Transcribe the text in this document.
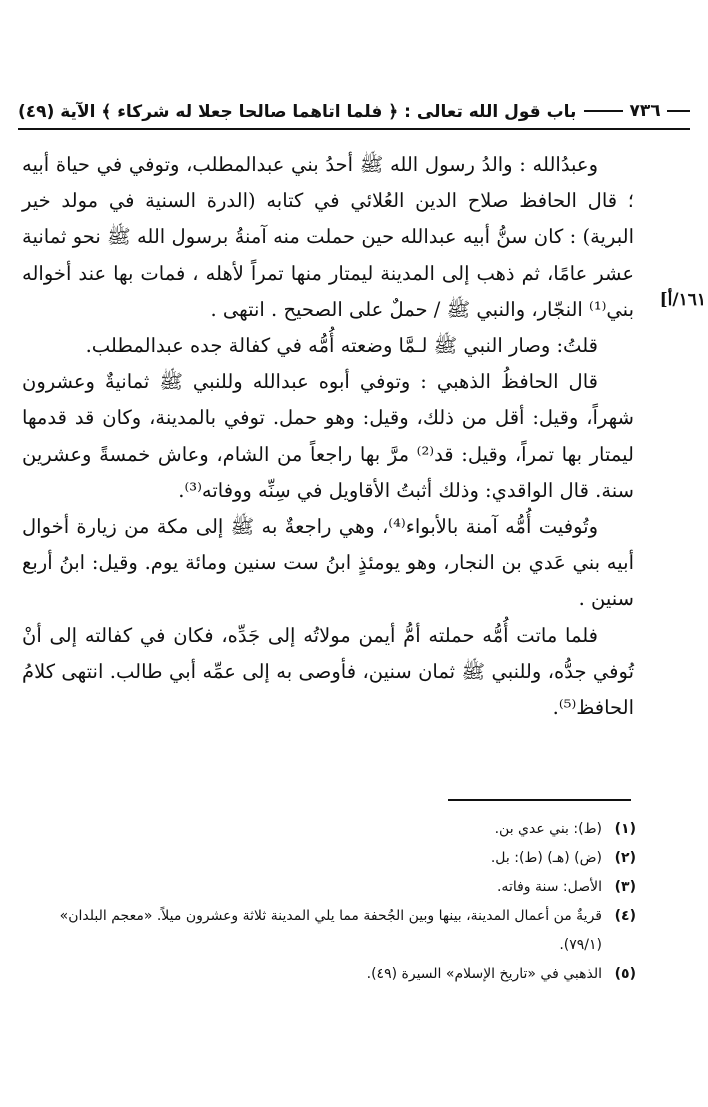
٧٣٦
باب قول الله تعالى : ﴿ فلما اتاهما صالحا جعلا له شركاء ﴾ الآية (٤٩)
١٦١/أ]

وعبدُالله : والدُ رسول الله ﷺ أحدُ بني عبدالمطلب، وتوفي في حياة أبيه ؛ قال الحافظ صلاح الدين العُلائي في كتابه (الدرة السنية في مولد خير البرية) : كان سنُّ أبيه عبدالله حين حملت منه آمنةُ برسول الله ﷺ نحو ثمانية عشر عامًا، ثم ذهب إلى المدينة ليمتار منها تمراً لأهله ، فمات بها عند أخواله بني⁽¹⁾ النجّار، والنبي ﷺ / حملٌ على الصحيح . انتهى .

قلتُ: وصار النبي ﷺ لـمَّا وضعته أُمُّه في كفالة جده عبدالمطلب.

قال الحافظُ الذهبي : وتوفي أبوه عبدالله وللنبي ﷺ ثمانيةٌ وعشرون شهراً، وقيل: أقل من ذلك، وقيل: وهو حمل. توفي بالمدينة، وكان قد قدمها ليمتار بها تمراً، وقيل: قد⁽²⁾ مرَّ بها راجعاً من الشام، وعاش خمسةً وعشرين سنة. قال الواقدي: وذلك أثبتُ الأقاويل في سِنِّه ووفاته⁽³⁾.

وتُوفيت أُمُّه آمنة بالأبواء⁽⁴⁾، وهي راجعةٌ به ﷺ إلى مكة من زيارة أخوال أبيه بني عَدي بن النجار، وهو يومئذٍ ابنُ ست سنين ومائة يوم. وقيل: ابنُ أربع سنين .

فلما ماتت أُمُّه حملته أمُّ أيمن مولاتُه إلى جَدِّه، فكان في كفالته إلى أنْ تُوفي جدُّه، وللنبي ﷺ ثمان سنين، فأوصى به إلى عمِّه أبي طالب. انتهى كلامُ الحافظ⁽⁵⁾.

(١)(ط): بني عدي بن.

(٢)(ض) (هـ) (ط): بل.

(٣)الأصل: سنة وفاته.

(٤)قريةٌ من أعمال المدينة، بينها وبين الجُحفة مما يلي المدينة ثلاثة وعشرون ميلاً. «معجم البلدان»

(٧٩/١).

(٥)الذهبي في «تاريخ الإسلام» السيرة (٤٩).
